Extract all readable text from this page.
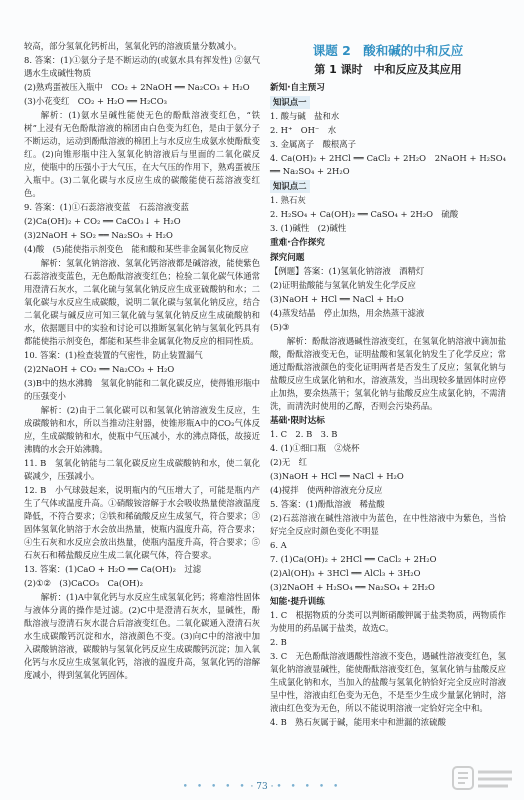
较高，部分氢氧化钙析出，氢氧化钙的溶液质量分数减小。
8. 答案：(1)①氨分子是不断运动的(或氨水具有挥发性) ②氨气遇水生成碱性物质
(2)熟鸡蛋被压入瓶中　CO₂ + 2NaOH ══ Na₂CO₃ + H₂O
(3)小花变红　CO₂ + H₂O ══ H₂CO₃
解析：(1)氨水呈碱性能使无色的酚酞溶液变红色，“铁树”上浸有无色酚酞溶液的棉团由白色变为红色，是由于氨分子不断运动，运动到酚酞溶液的棉团上与水反应生成氨水使酚酞变红。(2)向锥形瓶中注入氢氧化钠溶液后与里面的二氧化碳反应，使瓶中的压强小于大气压，在大气压的作用下，熟鸡蛋被压入瓶中。(3)二氧化碳与水反应生成的碳酸能使石蕊溶液变红色。
9. 答案：(1)①石蕊溶液变蓝　石蕊溶液变蓝
(2)Ca(OH)₂ + CO₂ ══ CaCO₃↓ + H₂O
(3)2NaOH + SO₂ ══ Na₂SO₃ + H₂O
(4)酸　(5)能使指示剂变色　能和酸和某些非金属氧化物反应
解析：氢氧化钠溶液、氢氧化钙溶液都是碱溶液，能使紫色石蕊溶液变蓝色，无色酚酞溶液变红色；检验二氧化碳气体通常用澄清石灰水，二氧化硫与氢氧化钠反应生成亚硫酸钠和水；二氧化碳与水反应生成碳酸，说明二氧化碳与氢氧化钠反应，结合二氧化碳与碱反应可知三氧化硫与氢氧化钠反应生成硫酸钠和水，依据题目中的实验和讨论可以推断氢氧化钠与氢氧化钙具有都能使指示剂变色，都能和某些非金属氧化物反应的相同性质。
10. 答案：(1)检查装置的气密性，防止装置漏气
(2)2NaOH + CO₂ ══ Na₂CO₃ + H₂O
(3)B中的热水沸腾　氢氧化钠能和二氧化碳反应，使得锥形瓶中的压强变小
解析：(2)由于二氧化碳可以和氢氧化钠溶液发生反应，生成碳酸钠和水，所以当推动注射器，使锥形瓶A中的CO₂气体反应，生成碳酸钠和水，使瓶中气压减小，水的沸点降低，故接近沸腾的水会开始沸腾。
11. B　氢氧化钠能与二氧化碳反应生成碳酸钠和水，使二氧化碳减少，压强减小。
12. B　小气球鼓起来，说明瓶内的气压增大了，可能是瓶内产生了气体或温度升高。①硝酸铵溶解于水会吸收热量使溶液温度降低，不符合要求；②铁和稀硫酸反应生成氢气，符合要求；③固体氢氧化钠溶于水会放出热量，使瓶内温度升高，符合要求；④生石灰和水反应会放出热量，使瓶内温度升高，符合要求；⑤石灰石和稀盐酸反应生成二氧化碳气体，符合要求。
13. 答案：(1)CaO + H₂O ══ Ca(OH)₂　过滤
(2)①②　(3)CaCO₃　Ca(OH)₂
解析：(1)A中氧化钙与水反应生成氢氧化钙；将难溶性固体与液体分离的操作是过滤。(2)C中是澄清石灰水，显碱性，酚酞溶液与澄清石灰水混合后溶液变红色。二氧化碳通入澄清石灰水生成碳酸钙沉淀和水，溶液颜色不变。(3)向C中的溶液中加入碳酸钠溶液，碳酸钠与氢氧化钙反应生成碳酸钙沉淀；加入氧化钙与水反应生成氢氧化钙，溶液的温度升高，氢氧化钙的溶解度减小，得到氢氧化钙固体。
课题 2　酸和碱的中和反应
第 1 课时　中和反应及其应用
新知·自主预习
知识点一
1. 酸与碱　盐和水
2. H⁺　OH⁻　水
3. 金属离子　酸根离子
4. Ca(OH)₂ + 2HCl ══ CaCl₂ + 2H₂O　2NaOH + H₂SO₄ ══ Na₂SO₄ + 2H₂O
知识点二
1. 熟石灰
2. H₂SO₄ + Ca(OH)₂ ══ CaSO₄ + 2H₂O　硫酸
3. (1)碱性　(2)碱性
重难·合作探究
探究问题
【例题】答案：(1)氢氧化钠溶液　酒精灯
(2)证明盐酸能与氢氧化钠发生化学反应
(3)NaOH + HCl ══ NaCl + H₂O
(4)蒸发结晶　停止加热，用余热蒸干滤液
(5)③
解析：酚酞溶液遇碱性溶液变红，在氢氧化钠溶液中滴加盐酸，酚酞溶液变无色，证明盐酸和氢氧化钠发生了化学反应；常通过酚酞溶液颜色的变化证明两者是否发生了反应；氢氧化钠与盐酸反应生成氯化钠和水，溶液蒸发，当出现较多量固体时应停止加热，要余热蒸干；氢氧化钠与盐酸反应生成氯化钠，不需清洗，而清洗时使用的乙醇，否则会污染药品。
基础·限时达标
1. C　2. B　3. B
4. (1)①细口瓶　②烧杯
(2)无　红
(3)NaOH + HCl ══ NaCl + H₂O
(4)搅拌　使两种溶液充分反应
5. 答案：(1)酚酞溶液　稀盐酸
(2)石蕊溶液在碱性溶液中为蓝色，在中性溶液中为紫色，当恰好完全反应时颜色变化不明显
6. A
7. (1)Ca(OH)₂ + 2HCl ══ CaCl₂ + 2H₂O
(2)Al(OH)₃ + 3HCl ══ AlCl₃ + 3H₂O
(3)2NaOH + H₂SO₄ ══ Na₂SO₄ + 2H₂O
知能·提升训练
1. C　根据物质的分类可以判断硝酸钾属于盐类物质，两物质作为使用的药品属于盐类，故选C。
2. B
3. C　无色酚酞溶液遇酸性溶液不变色，遇碱性溶液变红色，氢氧化钠溶液显碱性，能使酚酞溶液变红色，氢氧化钠与盐酸反应生成氯化钠和水，当加入的盐酸与氢氧化钠恰好完全反应时溶液呈中性，溶液由红色变为无色，不是至少生成少量氯化钠时，溶液由红色变为无色，所以不能说明溶液一定恰好完全中和。
4. B　熟石灰属于碱，能用来中和泄漏的浓硫酸
• • • • • · 73 · • • • • •
